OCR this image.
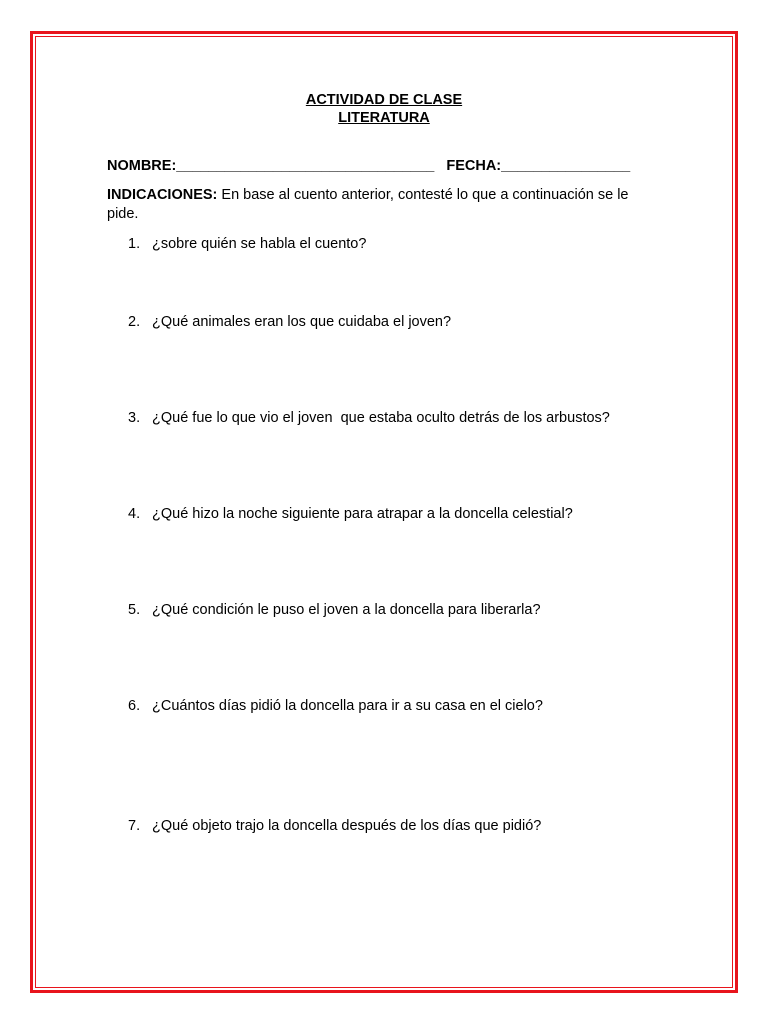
ACTIVIDAD DE CLASE
LITERATURA
NOMBRE:________________________________ FECHA:________________
INDICACIONES: En base al cuento anterior, contesté lo que a continuación se le pide.
1. ¿sobre quién se habla el cuento?
2. ¿Qué animales eran los que cuidaba el joven?
3. ¿Qué fue lo que vio el joven  que estaba oculto detrás de los arbustos?
4. ¿Qué hizo la noche siguiente para atrapar a la doncella celestial?
5. ¿Qué condición le puso el joven a la doncella para liberarla?
6. ¿Cuántos días pidió la doncella para ir a su casa en el cielo?
7. ¿Qué objeto trajo la doncella después de los días que pidió?
